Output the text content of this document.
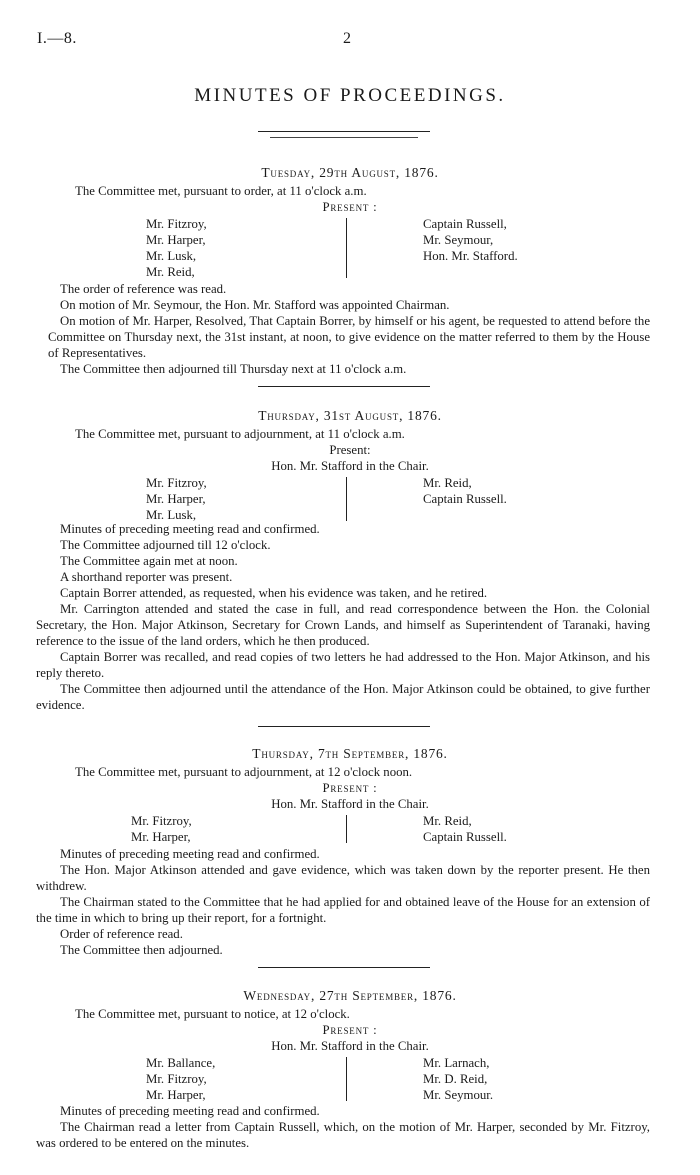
I.—8.	2
MINUTES OF PROCEEDINGS.
Tuesday, 29th August, 1876.
The Committee met, pursuant to order, at 11 o'clock a.m.
Present :
Mr. Fitzroy,
Mr. Harper,
Mr. Lusk,
Mr. Reid,
Captain Russell,
Mr. Seymour,
Hon. Mr. Stafford.
The order of reference was read.
On motion of Mr. Seymour, the Hon. Mr. Stafford was appointed Chairman.
On motion of Mr. Harper, Resolved, That Captain Borrer, by himself or his agent, be requested to attend before the Committee on Thursday next, the 31st instant, at noon, to give evidence on the matter referred to them by the House of Representatives.
The Committee then adjourned till Thursday next at 11 o'clock a.m.
Thursday, 31st August, 1876.
The Committee met, pursuant to adjournment, at 11 o'clock a.m.
Present:
Hon. Mr. Stafford in the Chair.
Mr. Fitzroy,
Mr. Harper,
Mr. Lusk,
Mr. Reid,
Captain Russell.
Minutes of preceding meeting read and confirmed.
The Committee adjourned till 12 o'clock.
The Committee again met at noon.
A shorthand reporter was present.
Captain Borrer attended, as requested, when his evidence was taken, and he retired.
Mr. Carrington attended and stated the case in full, and read correspondence between the Hon. the Colonial Secretary, the Hon. Major Atkinson, Secretary for Crown Lands, and himself as Superintendent of Taranaki, having reference to the issue of the land orders, which he then produced.
Captain Borrer was recalled, and read copies of two letters he had addressed to the Hon. Major Atkinson, and his reply thereto.
The Committee then adjourned until the attendance of the Hon. Major Atkinson could be obtained, to give further evidence.
Thursday, 7th September, 1876.
The Committee met, pursuant to adjournment, at 12 o'clock noon.
Present :
Hon. Mr. Stafford in the Chair.
Mr. Fitzroy,
Mr. Harper,
Mr. Reid,
Captain Russell.
Minutes of preceding meeting read and confirmed.
The Hon. Major Atkinson attended and gave evidence, which was taken down by the reporter present. He then withdrew.
The Chairman stated to the Committee that he had applied for and obtained leave of the House for an extension of the time in which to bring up their report, for a fortnight.
Order of reference read.
The Committee then adjourned.
Wednesday, 27th September, 1876.
The Committee met, pursuant to notice, at 12 o'clock.
Present :
Hon. Mr. Stafford in the Chair.
Mr. Ballance,
Mr. Fitzroy,
Mr. Harper,
Mr. Larnach,
Mr. D. Reid,
Mr. Seymour.
Minutes of preceding meeting read and confirmed.
The Chairman read a letter from Captain Russell, which, on the motion of Mr. Harper, seconded by Mr. Fitzroy, was ordered to be entered on the minutes.
